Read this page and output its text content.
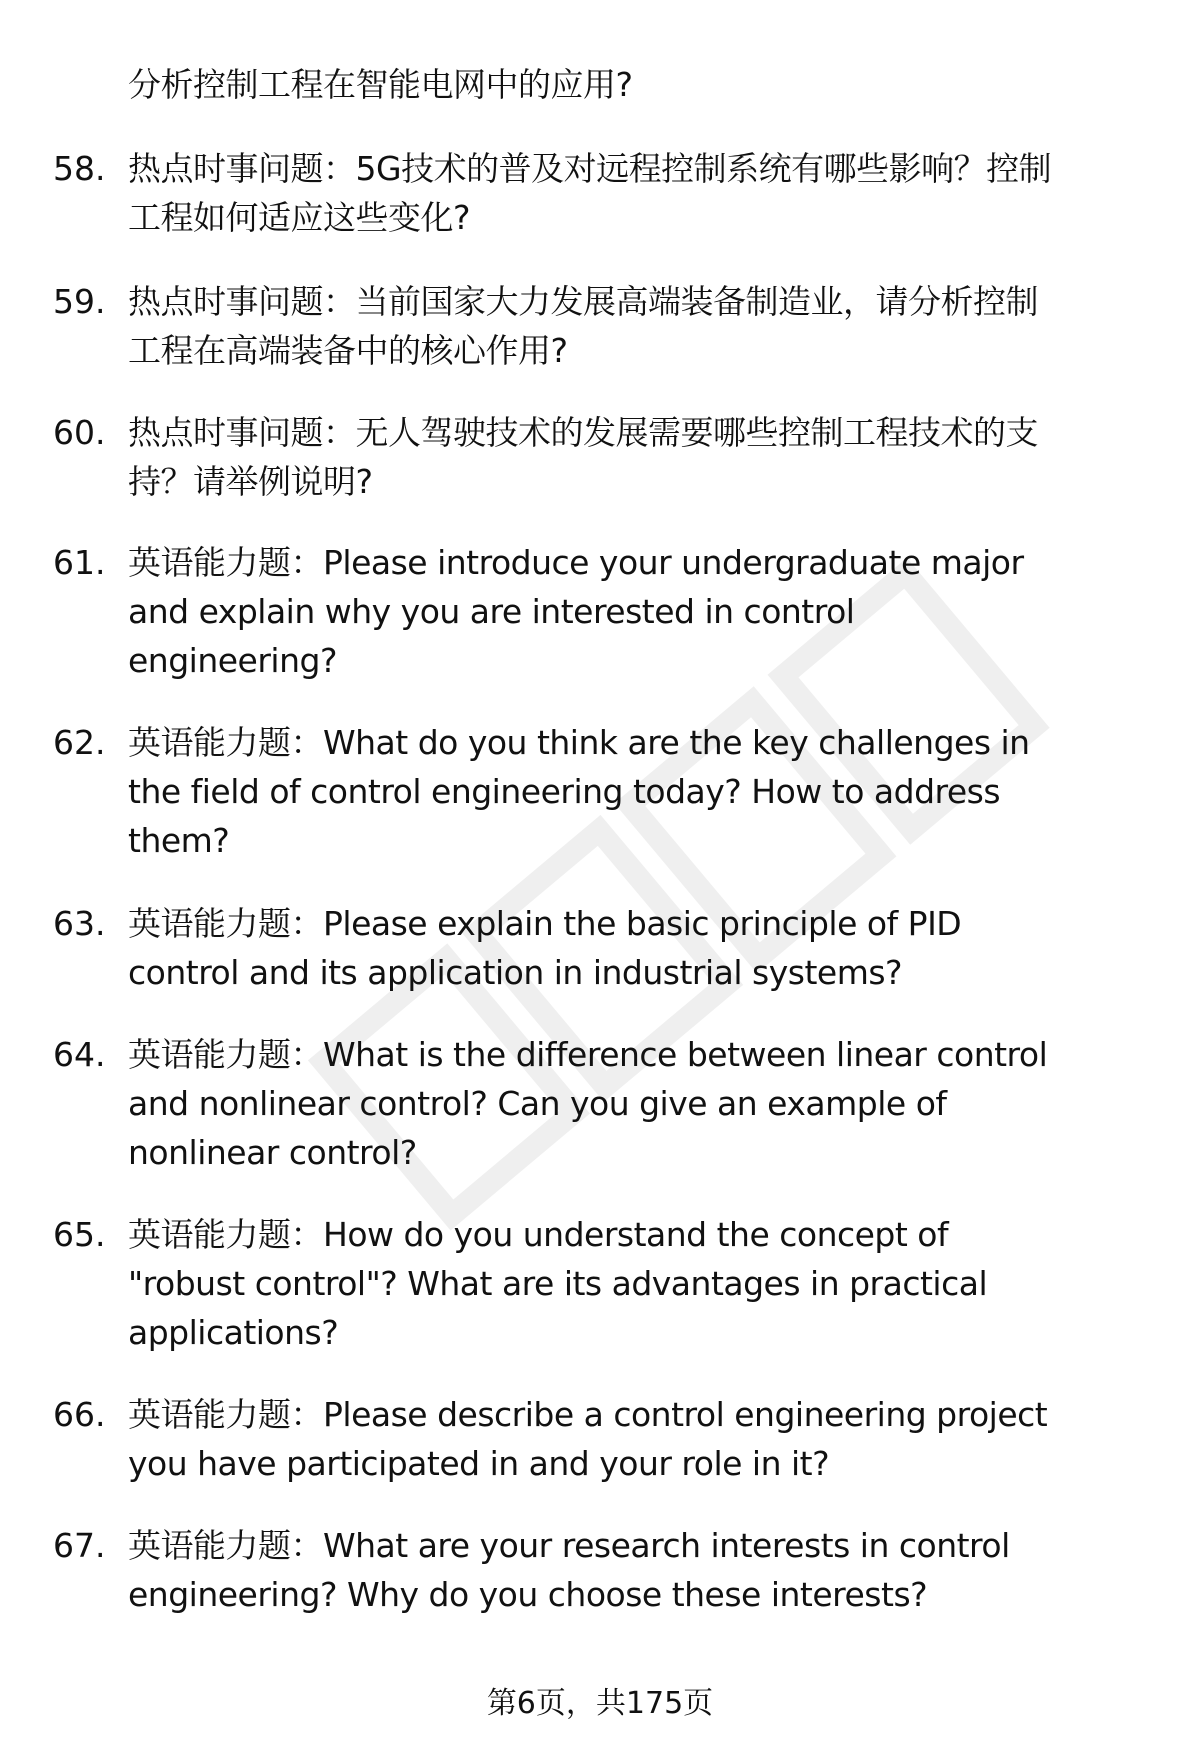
分析控制工程在智能电网中的应用?
58. 热点时事问题：5G技术的普及对远程控制系统有哪些影响？控制
工程如何适应这些变化?
59. 热点时事问题：当前国家大力发展高端装备制造业，请分析控制
工程在高端装备中的核心作用?
60. 热点时事问题：无人驾驶技术的发展需要哪些控制工程技术的支
持？请举例说明?
61. 英语能力题：Please introduce your undergraduate major
and explain why you are interested in control
engineering?
62. 英语能力题：What do you think are the key challenges in
the field of control engineering today? How to address
them?
63. 英语能力题：Please explain the basic principle of PID
control and its application in industrial systems?
64. 英语能力题：What is the difference between linear control
and nonlinear control? Can you give an example of
nonlinear control?
65. 英语能力题：How do you understand the concept of
"robust control"? What are its advantages in practical
applications?
66. 英语能力题：Please describe a control engineering project
you have participated in and your role in it?
67. 英语能力题：What are your research interests in control
engineering? Why do you choose these interests?
第6页，共175页
